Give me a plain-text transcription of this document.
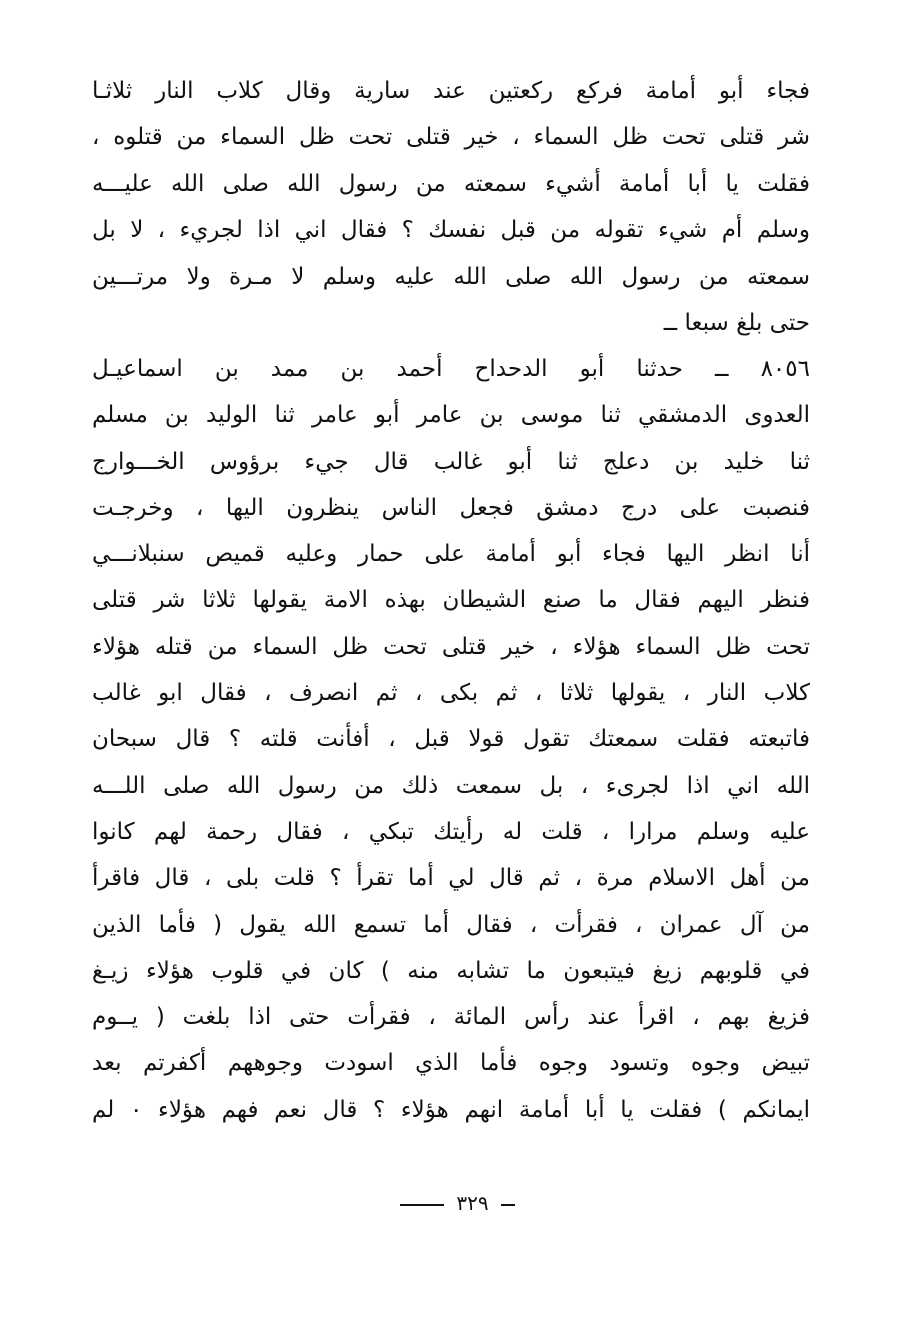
فجاء أبو أمامة فركع ركعتين عند سارية وقال كلاب النار ثلاثـا
شر قتلى تحت ظل السماء ، خير قتلى تحت ظل السماء من قتلوه ،
فقلت يا أبا أمامة أشيء سمعته من رسول الله صلى الله عليـــه
وسلم أم شيء تقوله من قبل نفسك ؟ فقال اني اذا لجريء ، لا بل
سمعته من رسول الله صلى الله عليه وسلم لا مـرة ولا مرتـــين
حتى بلغ سبعا ــ
٨٠٥٦ ــ حدثنا أبو الدحداح أحمد بن ممد بن اسماعيـل
العدوى الدمشقي ثنا موسى بن عامر أبو عامر ثنا الوليد بن مسلم
ثنا خليد بن دعلج ثنا أبو غالب قال جيء برؤوس الخـــوارج
فنصبت على درج دمشق فجعل الناس ينظرون اليها ، وخرجـت
أنا انظر اليها فجاء أبو أمامة على حمار وعليه قميص سنبلانـــي
فنظر اليهم فقال ما صنع الشيطان بهذه الامة يقولها ثلاثا شر قتلى
تحت ظل السماء هؤلاء ، خير قتلى تحت ظل السماء من قتله هؤلاء
كلاب النار ، يقولها ثلاثا ، ثم بكى ، ثم انصرف ، فقال ابو غالب
فاتبعته فقلت سمعتك تقول قولا قبل ، أفأنت قلته ؟ قال سبحان
الله اني اذا لجرىء ، بل سمعت ذلك من رسول الله صلى اللـــه
عليه وسلم مرارا ، قلت له رأيتك تبكي ، فقال رحمة لهم كانوا
من أهل الاسلام مرة ، ثم قال لي أما تقرأ ؟ قلت بلى ، قال فاقرأ
من آل عمران ، فقرأت ، فقال أما تسمع الله يقول ( فأما الذين
في قلوبهم زيغ فيتبعون ما تشابه منه ) كان في قلوب هؤلاء زيـغ
فزيغ بهم ، اقرأ عند رأس المائة ، فقرأت حتى اذا بلغت ( يــوم
تبيض وجوه وتسود وجوه فأما الذي اسودت وجوههم أكفرتم بعد
ايمانكم ) فقلت يا أبا أمامة انهم هؤلاء ؟ قال نعم فهم هؤلاء ٠ لم
٣٢٩
